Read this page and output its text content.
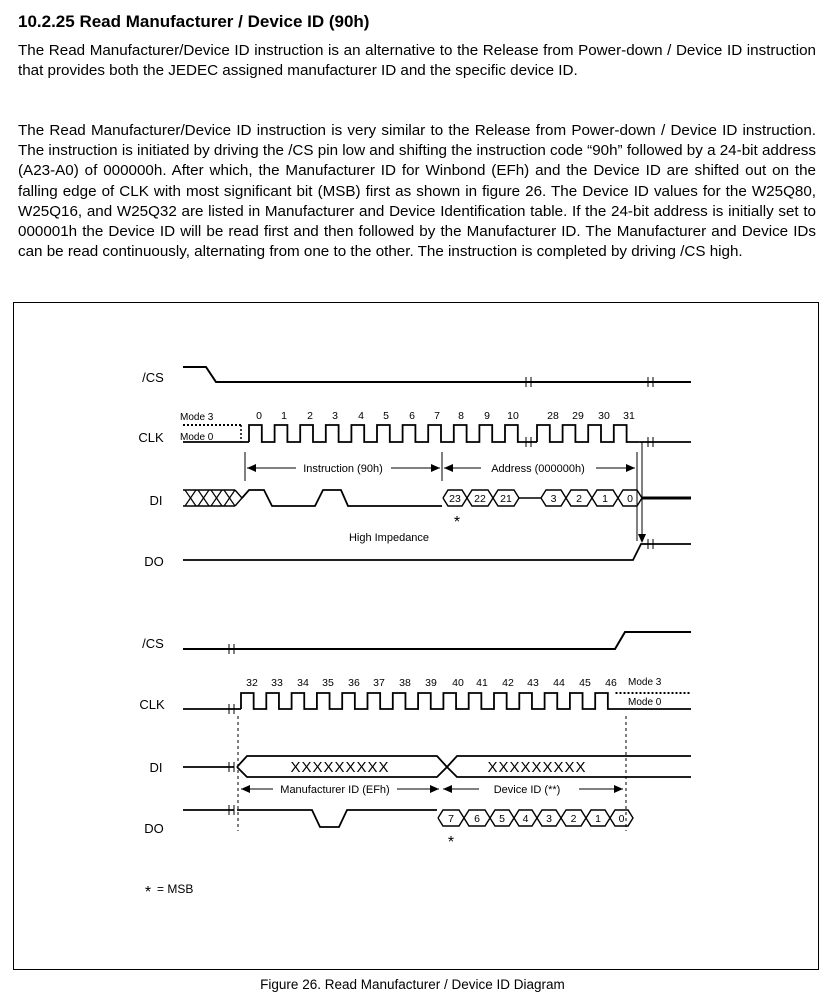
10.2.25 Read Manufacturer / Device ID (90h)

The Read Manufacturer/Device ID instruction is an alternative to the Release from Power-down / Device ID instruction that provides both the JEDEC assigned manufacturer ID and the specific device ID.

The Read Manufacturer/Device ID instruction is very similar to the Release from Power-down / Device ID instruction. The instruction is initiated by driving the /CS pin low and shifting the instruction code “90h” followed by a 24-bit address (A23-A0) of 000000h. After which, the Manufacturer ID for Winbond (EFh) and the Device ID are shifted out on the falling edge of CLK with most significant bit (MSB) first as shown in figure 26. The Device ID values for the W25Q80, W25Q16, and W25Q32 are listed in Manufacturer and Device Identification table. If the 24-bit address is initially set to 000001h the Device ID will be read first and then followed by the Manufacturer ID. The Manufacturer and Device IDs can be read continuously, alternating from one to the other. The instruction is completed by driving /CS high.

/CS
CLK
DI
DO
Mode 3
Mode 0
0 1 2 3 4 5 6 7 8 9 10	28 29 30 31
Instruction (90h)	Address (000000h)
23 22 21	3 2 1 0
*
High Impedance
/CS
CLK
DI
DO
Mode 3
Mode 0
32 33 34 35 36 37 38 39 40 41 42 43 44 45 46
XXXXXXXXX	XXXXXXXXX
Manufacturer ID (EFh)	Device ID (**)
7 6 5 4 3 2 1 0
*
* = MSB

Figure 26. Read Manufacturer / Device ID Diagram
